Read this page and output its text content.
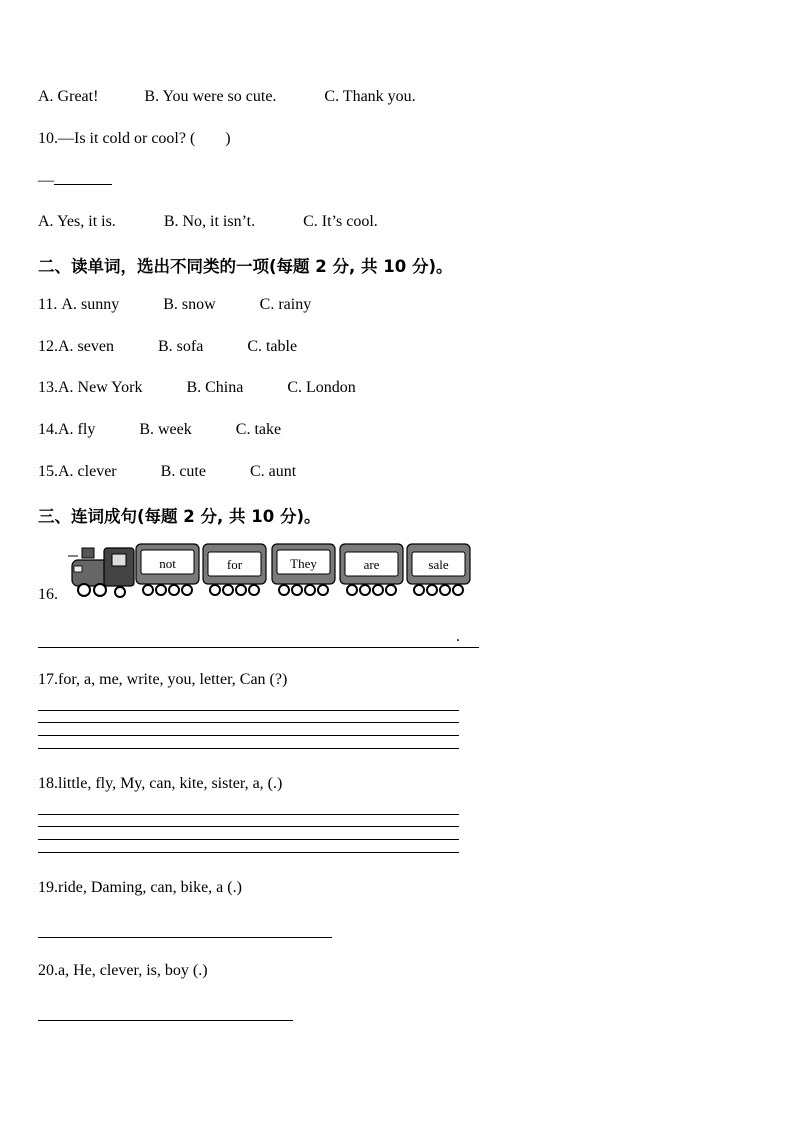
A. Great!	B. You were so cute.	C. Thank you.
10.—Is it cold or cool? ( )
—
A. Yes, it is.	B. No, it isn’t.	C. It’s cool.
二、读单词，选出不同类的一项(每题 2 分, 共 10 分)。
11. A. sunny	B. snow	C. rainy
12.A. seven	B. sofa	C. table
13.A. New York	B. China	C. London
14.A. fly	B. week	C. take
15.A. clever	B. cute	C. aunt
三、连词成句(每题 2 分, 共 10 分)。
16.
not	for	They	are	sale
.
17.for, a, me, write, you, letter, Can (?)
18.little, fly, My, can, kite, sister, a, (.)
19.ride, Daming, can, bike, a (.)
20.a, He, clever, is, boy (.)
